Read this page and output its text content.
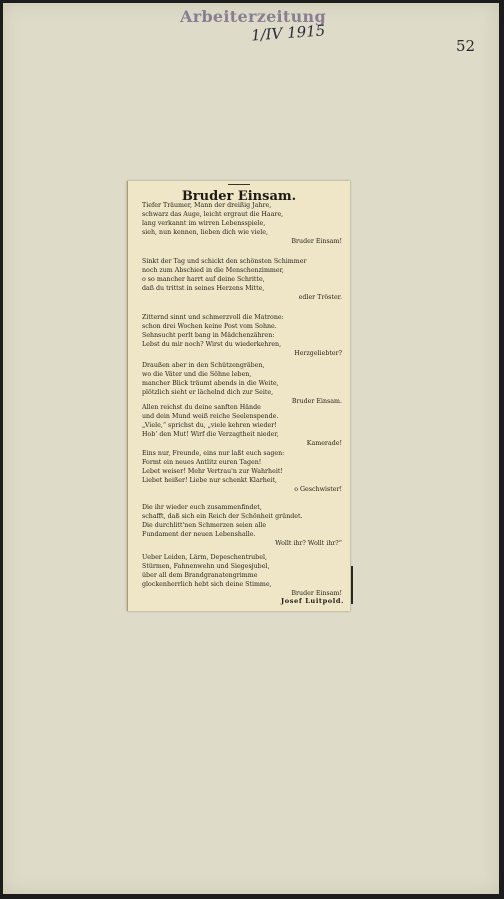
Arbeiterzeitung
1/IV 1915
52
Bruder Einsam.
Tiefer Träumer, Mann der dreißig Jahre,
schwarz das Auge, leicht ergraut die Haare,
lang verkannt im wirren Lebensspiele,
sieh, nun kennen, lieben dich wie viele,
Bruder Einsam!
Sinkt der Tag und schickt den schönsten Schimmer
noch zum Abschied in die Menschenzimmer,
o so mancher harrt auf deine Schritte,
daß du trittst in seines Herzens Mitte,
edler Tröster.
Zitternd sinnt und schmerzvoll die Matrone:
schon drei Wochen keine Post vom Sohne.
Sehnsucht perlt bang in Mädchenzähren:
Lebst du mir noch? Wirst du wiederkehren,
Herzgeliebter?
Draußen aber in den Schützengräben,
wo die Väter und die Söhne leben,
mancher Blick träumt abends in die Weite,
plötzlich sieht er lächelnd dich zur Seite,
Bruder Einsam.
Allen reichst du deine sanften Hände
und dein Mund weiß reiche Seelenspende.
„Viele,“ sprichst du, „viele kehren wieder!
Hob’ den Mut! Wirf die Verzagtheit nieder,
Kamerade!
Eins nur, Freunde, eins nur laßt euch sagen:
Formt ein neues Antlitz euren Tagen!
Lebet weiser! Mehr Vertrau'n zur Wahrheit!
Liebet heißer! Liebe nur schenkt Klarheit,
o Geschwister!
Die ihr wieder euch zusammenfindet,
schafft, daß sich ein Reich der Schönheit gründet.
Die durchlitt'nen Schmerzen seien alle
Fundament der neuen Lebenshalle.
Wollt ihr? Wollt ihr?“
Ueber Leiden, Lärm, Depeschentrubel,
Stürmen, Fahnenwehn und Siegesjubel,
über all dem Brandgranatengrimme
glockenherrlich hebt sich deine Stimme,
Bruder Einsam!
Josef Luitpold.
